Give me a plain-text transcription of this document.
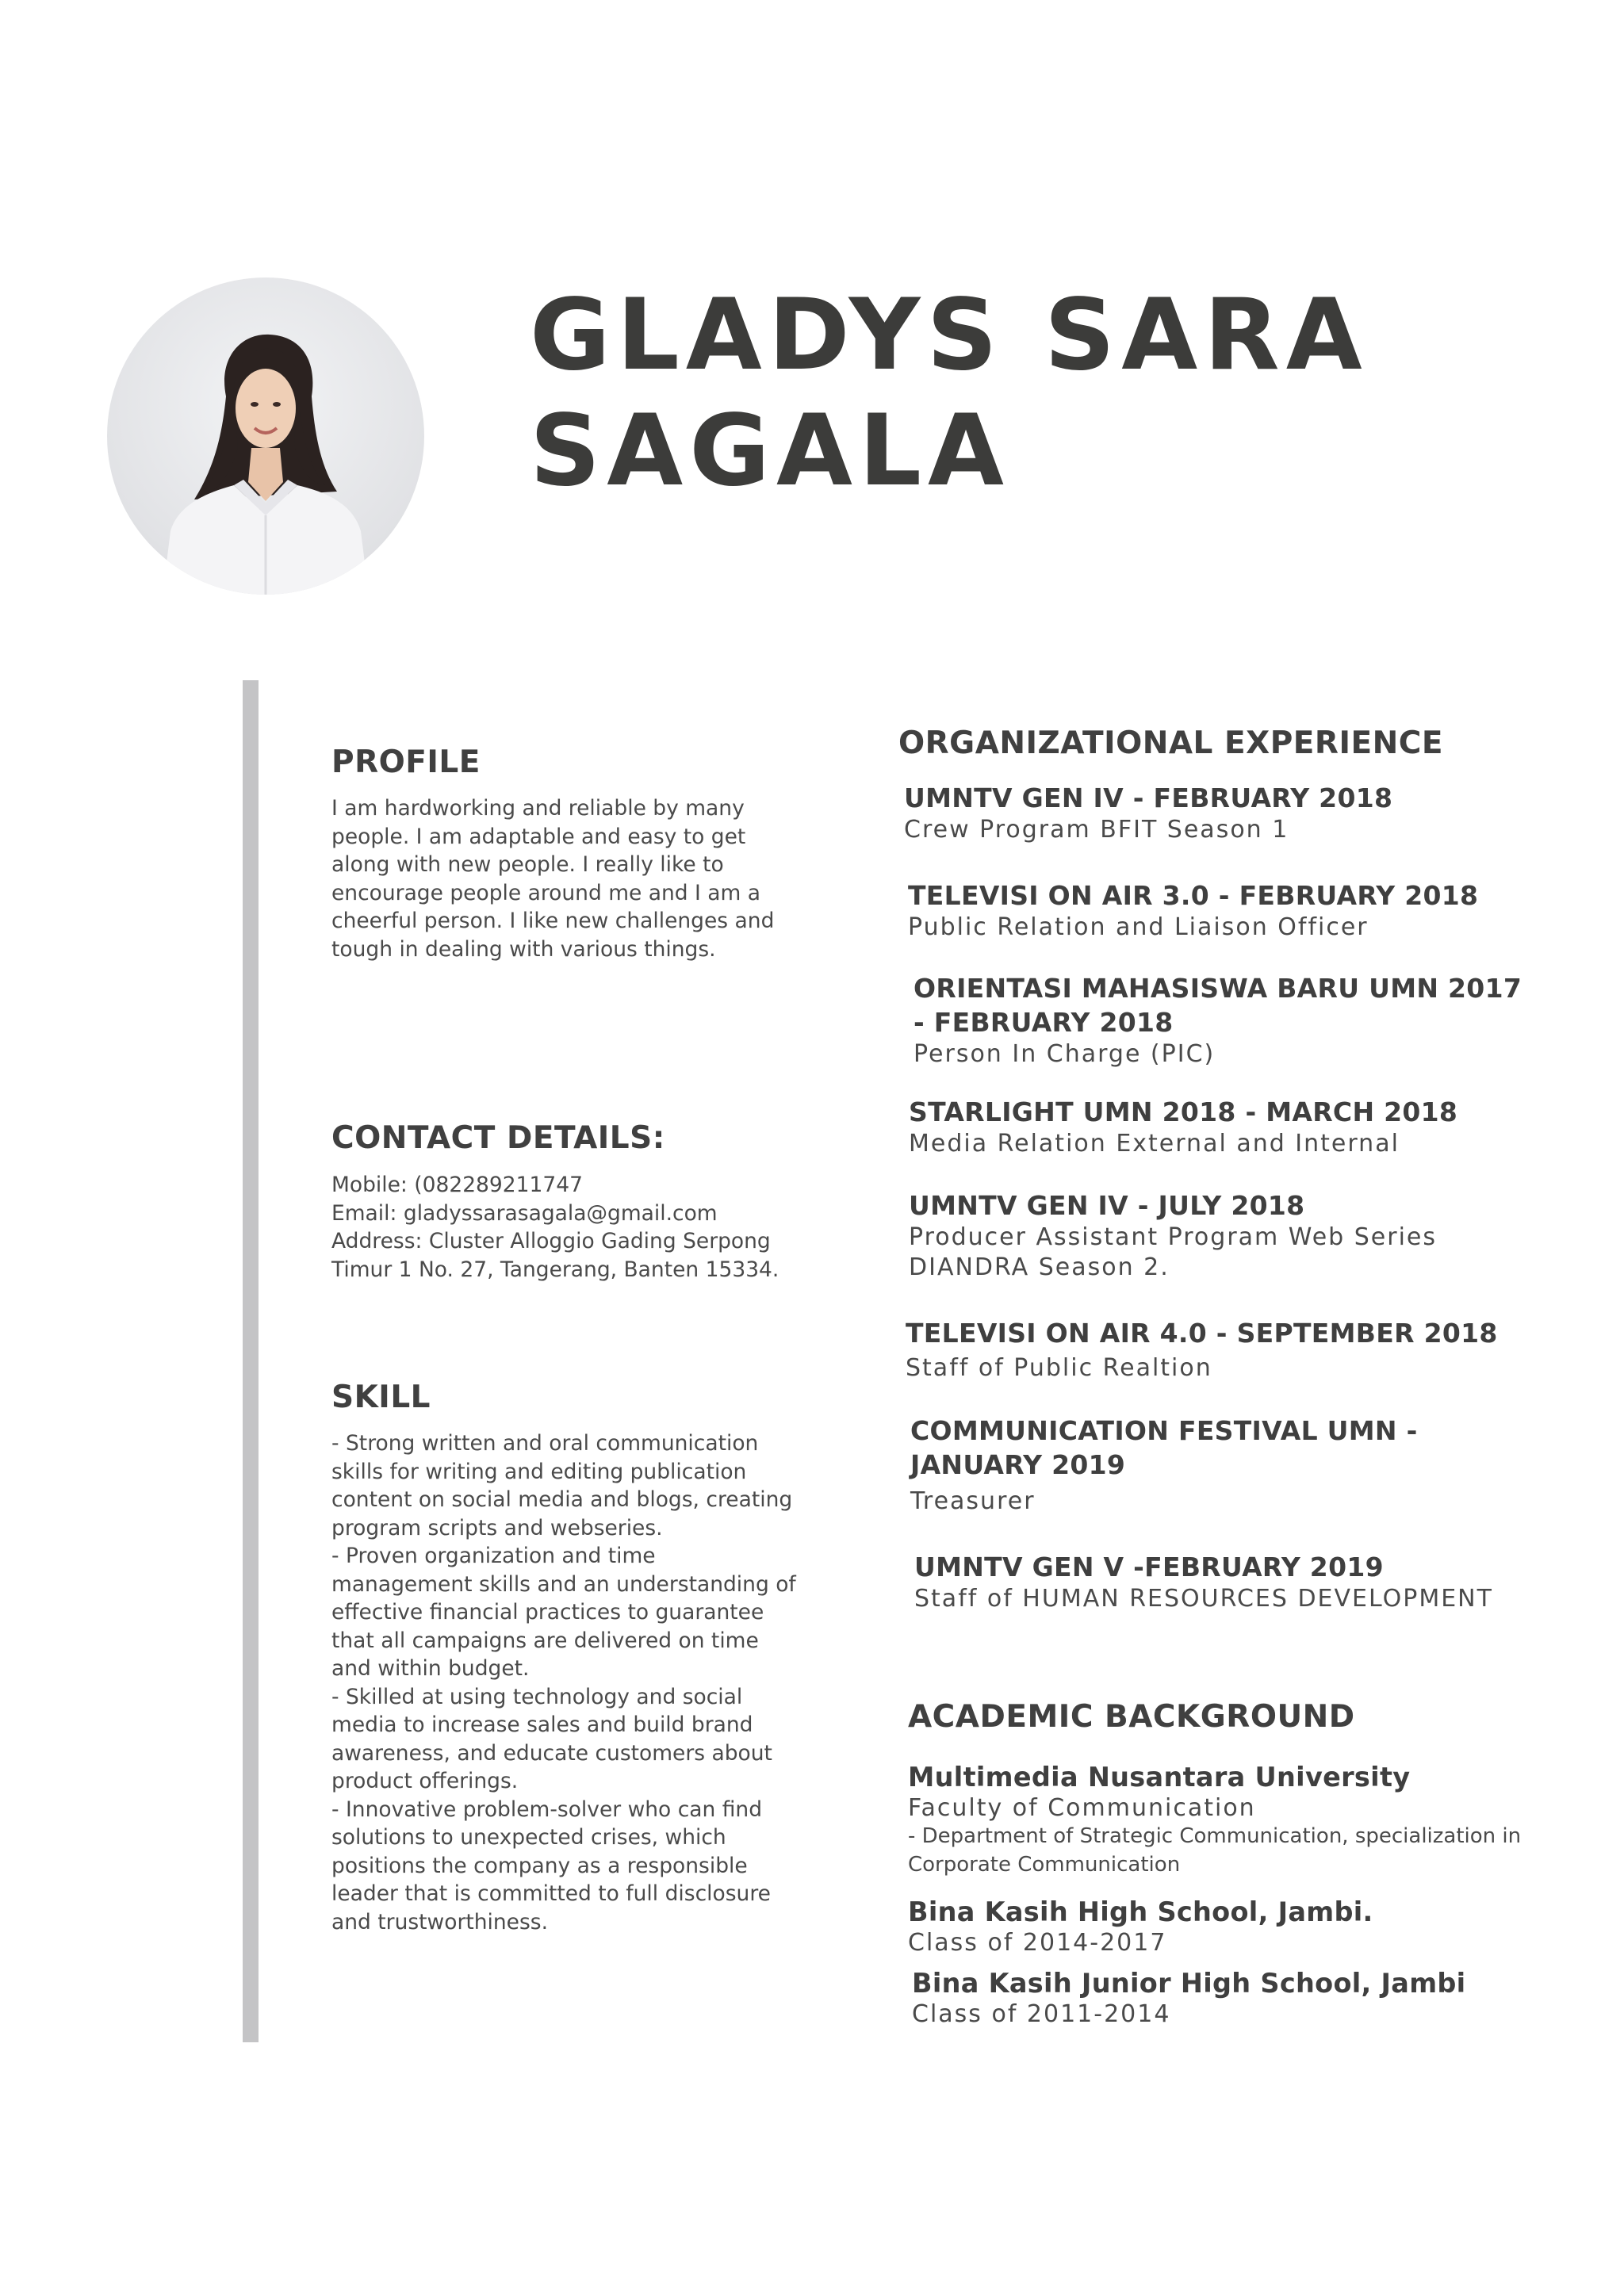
GLADYS SARA
SAGALA
PROFILE

I am hardworking and reliable by many people. I am adaptable and easy to get along with new people. I really like to encourage people around me and I am a cheerful person. I like new challenges and tough in dealing with various things.

CONTACT DETAILS:

Mobile: (082289211747

Email: gladyssarasagala@gmail.com

Address: Cluster Alloggio Gading Serpong Timur 1 No. 27, Tangerang, Banten 15334.

SKILL

- Strong written and oral communication skills for writing and editing publication content on social media and blogs, creating program scripts and webseries.

- Proven organization and time management skills and an understanding of effective financial practices to guarantee that all campaigns are delivered on time and within budget.

- Skilled at using technology and social media to increase sales and build brand awareness, and educate customers about product offerings.

- Innovative problem-solver who can find solutions to unexpected crises, which positions the company as a responsible leader that is committed to full disclosure and trustworthiness.

ORGANIZATIONAL EXPERIENCE
UMNTV GEN IV - FEBRUARY 2018
Crew Program BFIT Season 1
TELEVISI ON AIR 3.0 - FEBRUARY 2018
Public Relation and Liaison Officer
ORIENTASI MAHASISWA BARU UMN 2017 - FEBRUARY 2018
Person In Charge (PIC)
STARLIGHT UMN 2018 - MARCH 2018
Media Relation External and Internal
UMNTV GEN IV - JULY 2018
Producer Assistant Program Web Series DIANDRA Season 2.
TELEVISI ON AIR 4.0 - SEPTEMBER 2018
Staff of Public Realtion
COMMUNICATION FESTIVAL UMN - JANUARY 2019
Treasurer
UMNTV GEN V -FEBRUARY 2019
Staff of HUMAN RESOURCES DEVELOPMENT
ACADEMIC BACKGROUND
Multimedia Nusantara University
Faculty of Communication
- Department of Strategic Communication, specialization in Corporate Communication
Bina Kasih High School, Jambi.
Class of 2014-2017
Bina Kasih Junior High School, Jambi
Class of 2011-2014
